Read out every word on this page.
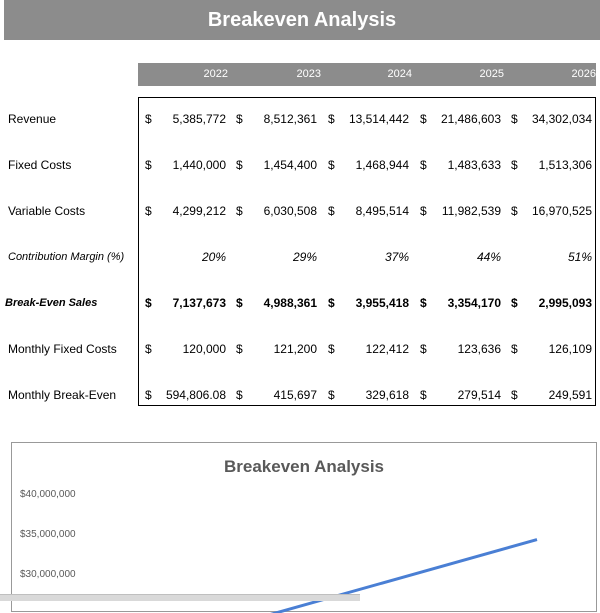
Breakeven Analysis
2022	2023	2024	2025	2026
Revenue	$	5,385,772 $	8,512,361 $	13,514,442 $	21,486,603 $	34,302,034
Fixed Costs	$	1,440,000 $	1,454,400 $	1,468,944 $	1,483,633 $	1,513,306
Variable Costs	$	4,299,212 $	6,030,508 $	8,495,514 $	11,982,539 $	16,970,525
Contribution Margin (%)	20%	29%	37%	44%	51%
Break-Even Sales	$	7,137,673 $	4,988,361 $	3,955,418 $	3,354,170 $	2,995,093
Monthly Fixed Costs $	120,000 $	121,200 $	122,412 $	123,636 $	126,109
Monthly Break-Even $	594,806.08 $	415,697 $	329,618 $	279,514 $	249,591
Breakeven Analysis
$40,000,000
$35,000,000
$30,000,000
